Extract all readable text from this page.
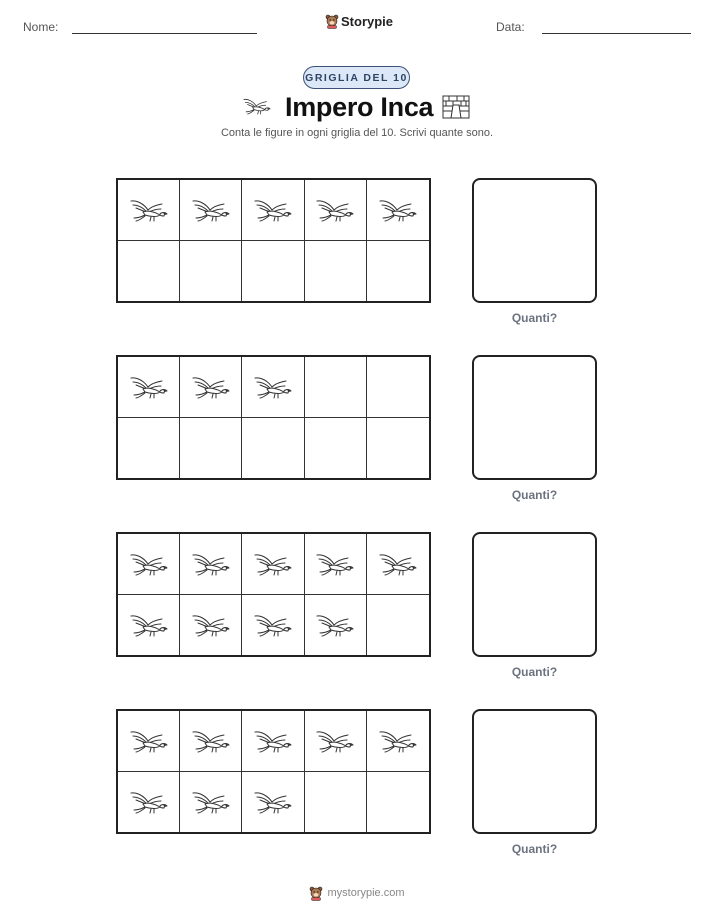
Nome:	Storypie	Data:
GRIGLIA DEL 10
Impero Inca
Conta le figure in ogni griglia del 10. Scrivi quante sono.
Quanti?
Quanti?
Quanti?
Quanti?
mystorypie.com
